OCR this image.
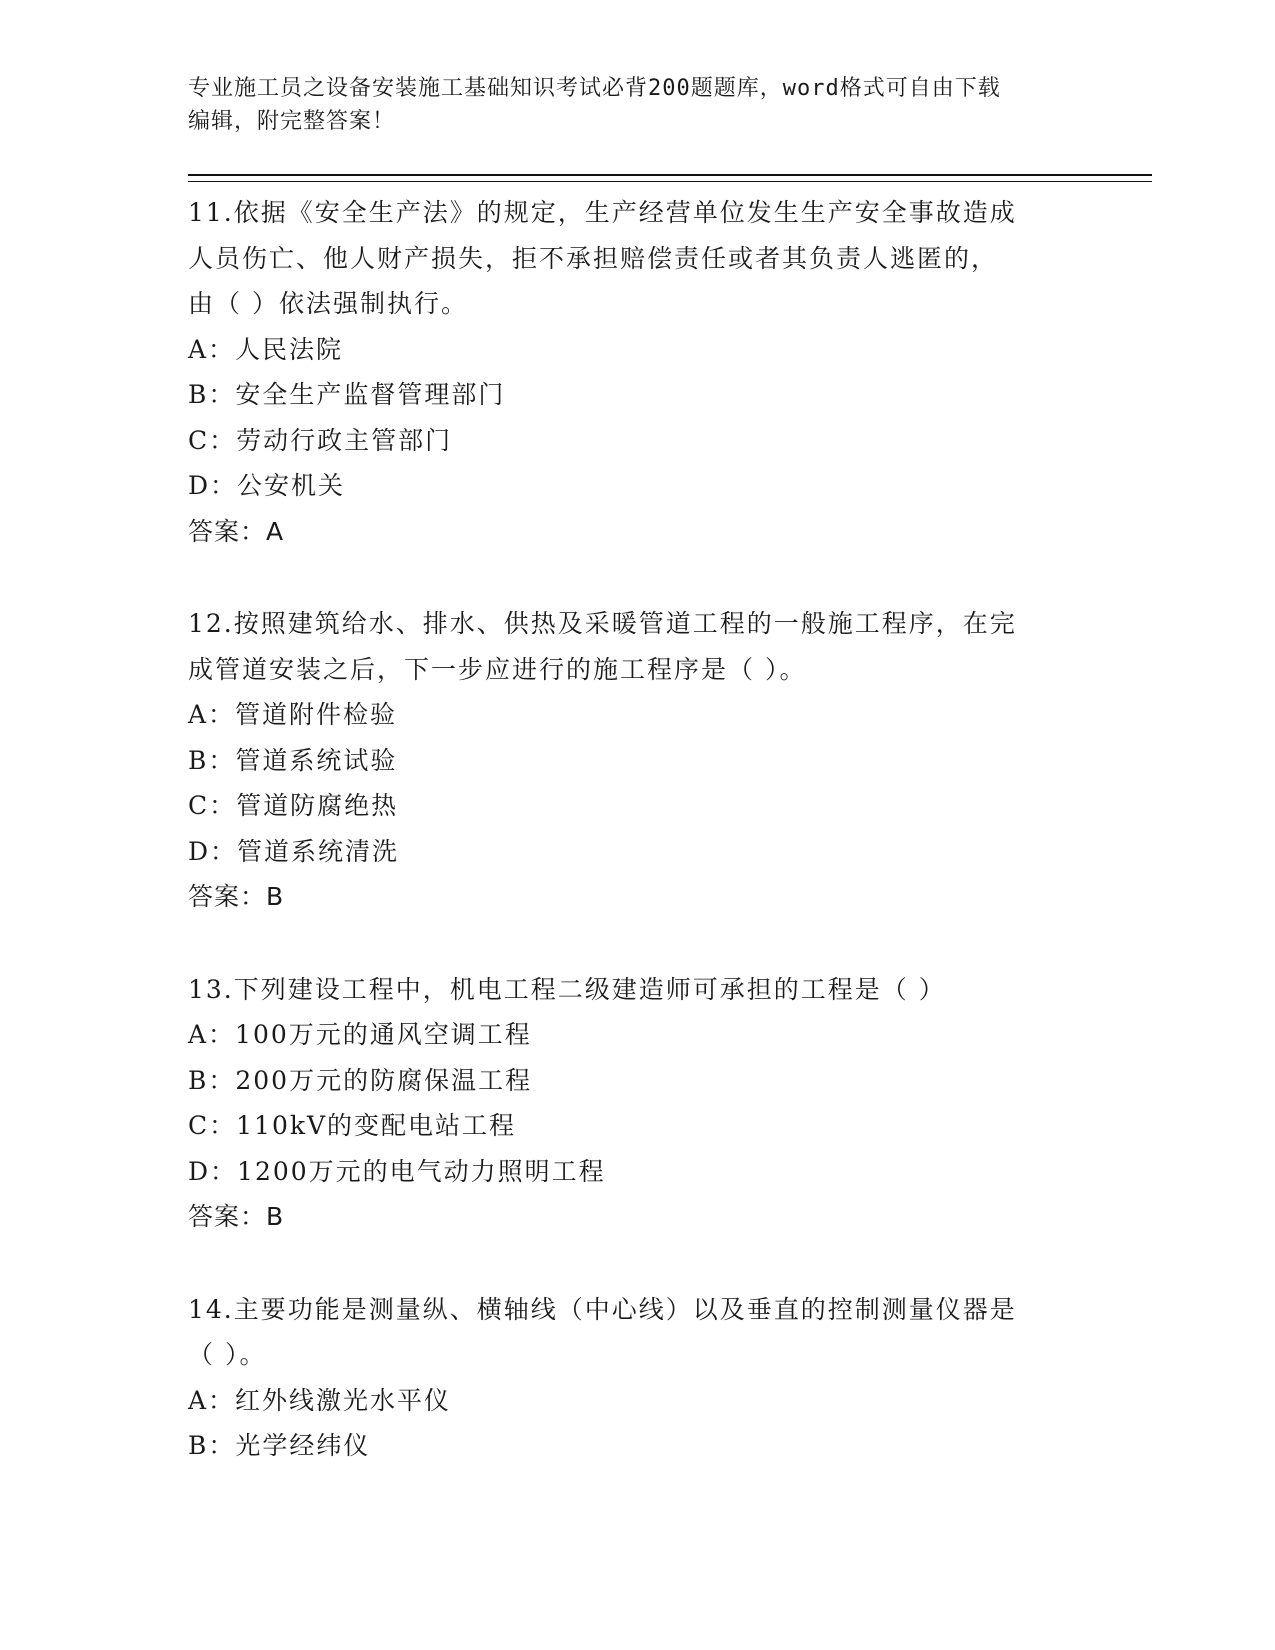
专业施工员之设备安装施工基础知识考试必背200题题库，word格式可自由下载
编辑，附完整答案！
11.依据《安全生产法》的规定，生产经营单位发生生产安全事故造成
人员伤亡、他人财产损失，拒不承担赔偿责任或者其负责人逃匿的，
由（ ）依法强制执行。
A：人民法院
B：安全生产监督管理部门
C：劳动行政主管部门
D：公安机关
答案：A
12.按照建筑给水、排水、供热及采暖管道工程的一般施工程序，在完
成管道安装之后，下一步应进行的施工程序是（ ）。
A：管道附件检验
B：管道系统试验
C：管道防腐绝热
D：管道系统清洗
答案：B
13.下列建设工程中，机电工程二级建造师可承担的工程是（ ）
A：100万元的通风空调工程
B：200万元的防腐保温工程
C：110kV的变配电站工程
D：1200万元的电气动力照明工程
答案：B
14.主要功能是测量纵、横轴线（中心线）以及垂直的控制测量仪器是
（ ）。
A：红外线激光水平仪
B：光学经纬仪
